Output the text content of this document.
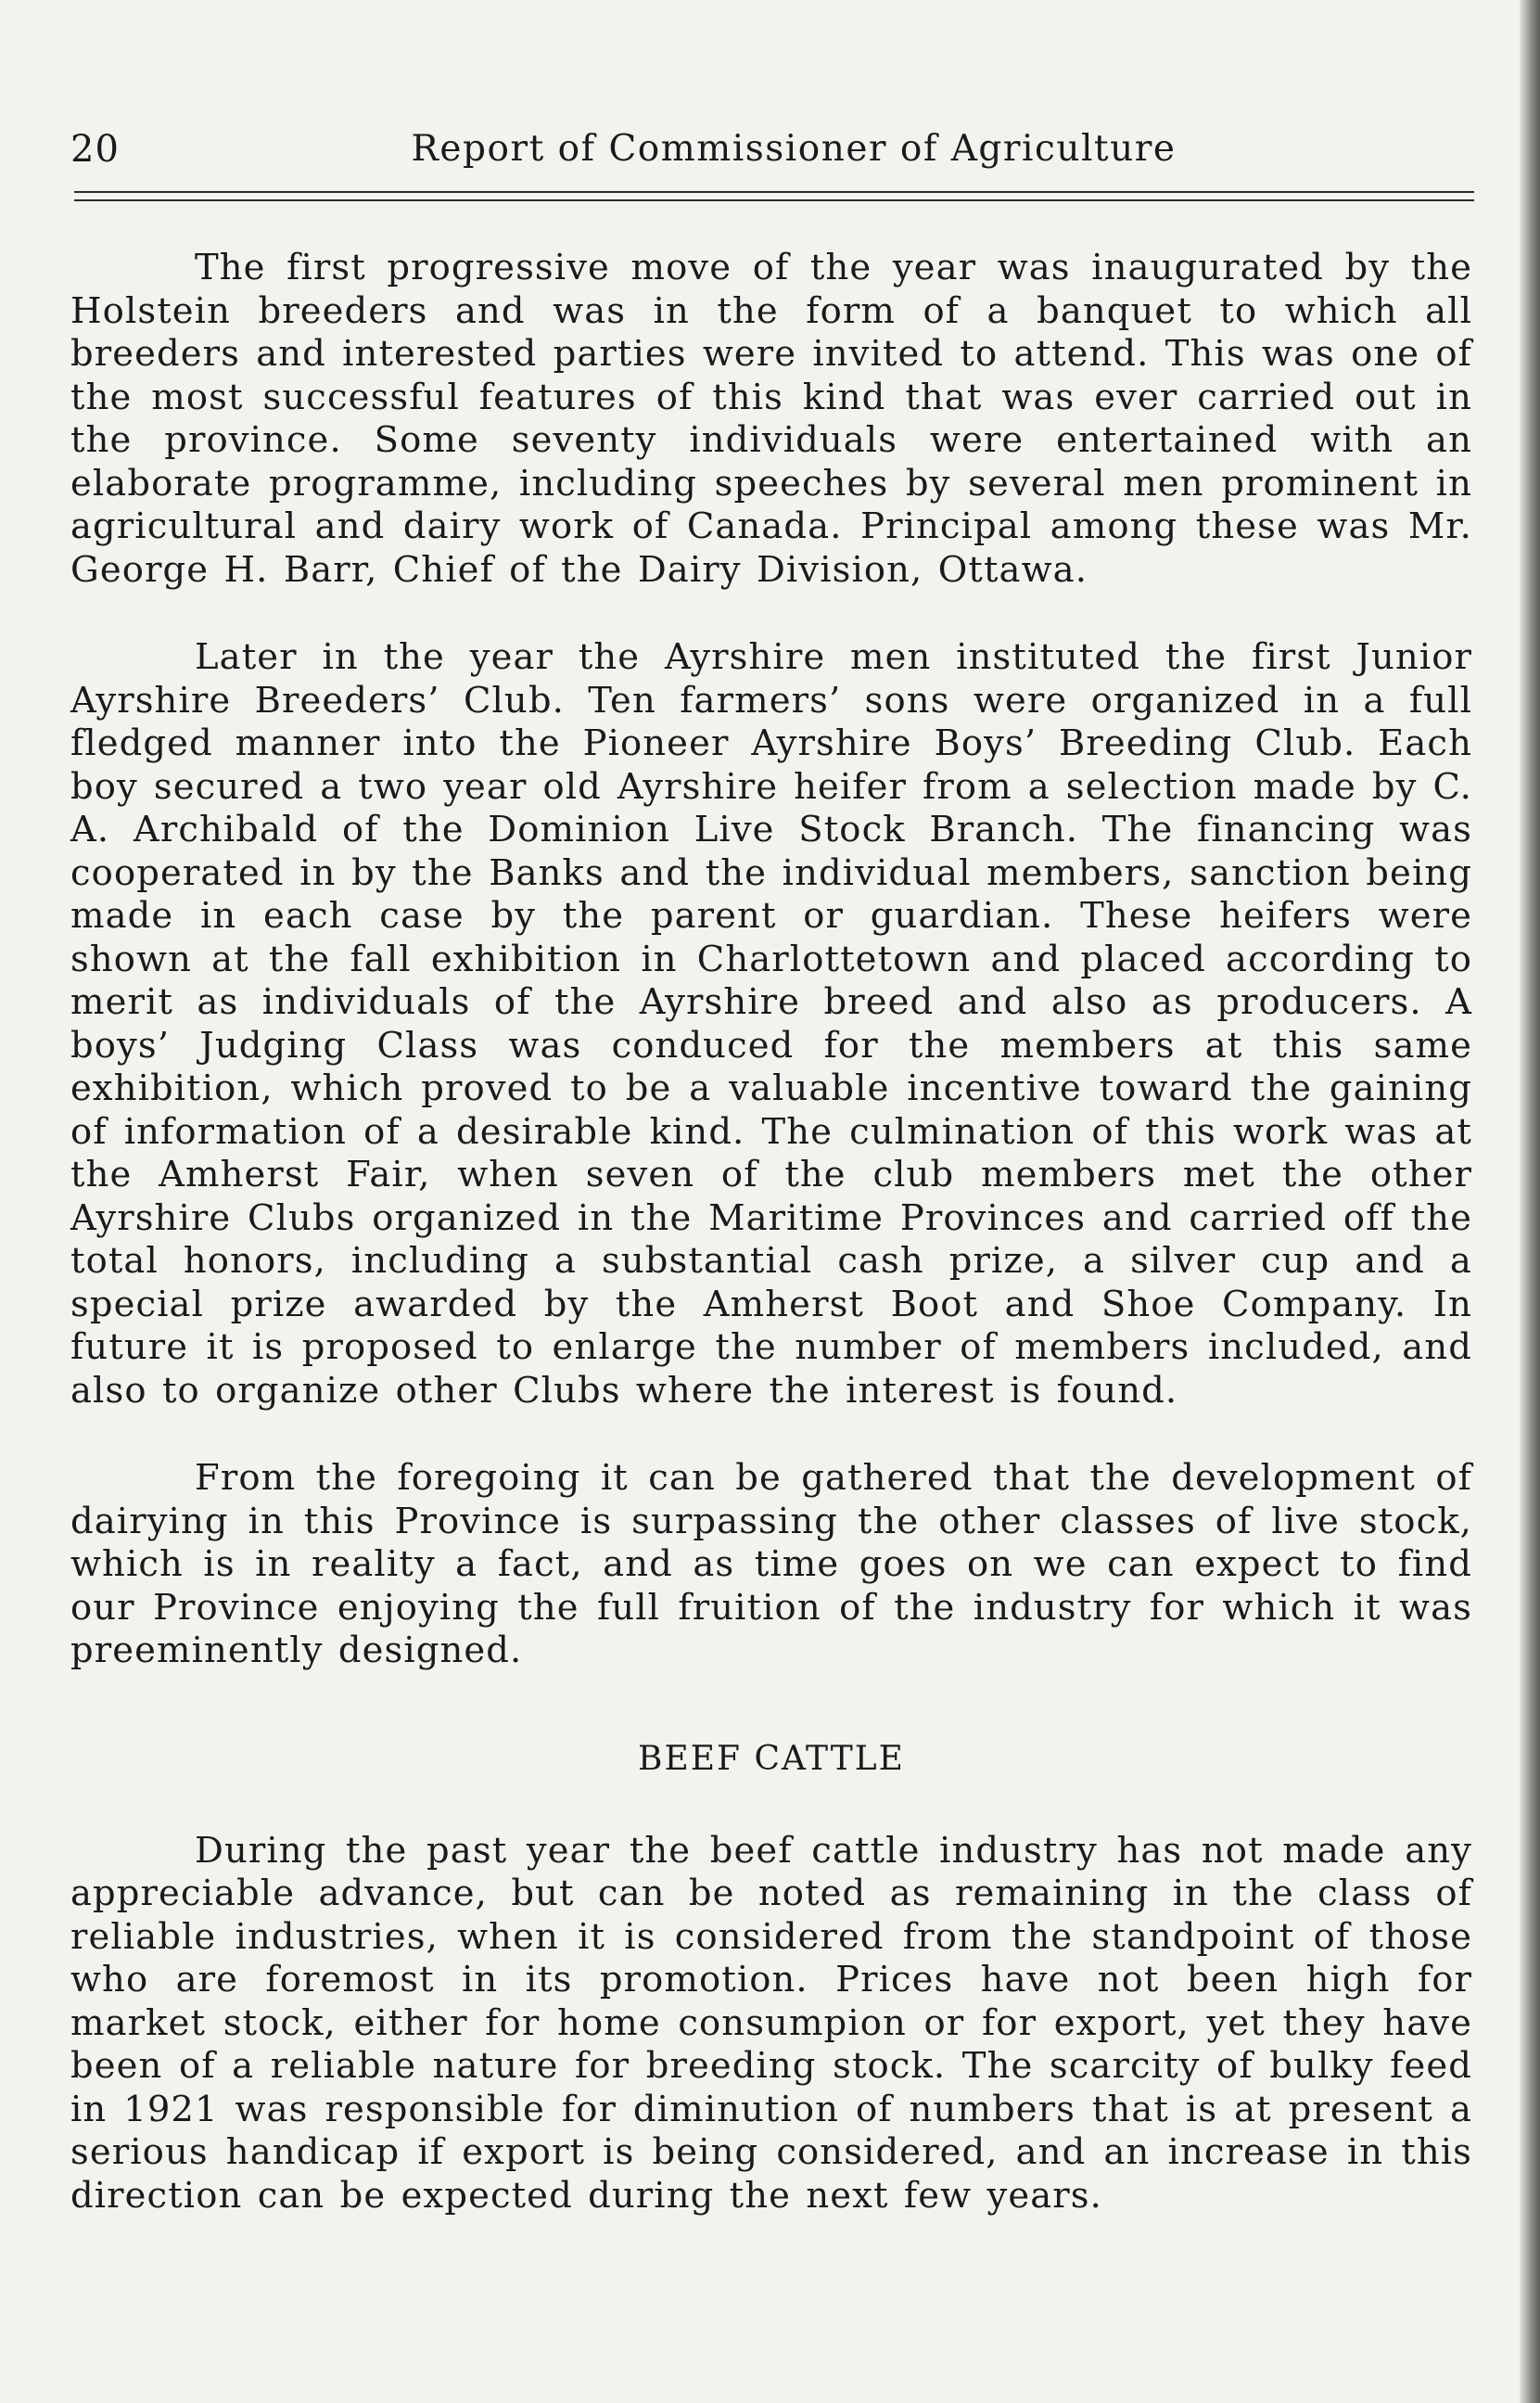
20	Report of Commissioner of Agriculture

The first progressive move of the year was inaugurated by the Holstein breeders and was in the form of a banquet to which all breeders and interested parties were invited to attend. This was one of the most successful features of this kind that was ever carried out in the province. Some seventy individuals were entertained with an elaborate programme, including speeches by several men prominent in agricultural and dairy work of Canada. Principal among these was Mr. George H. Barr, Chief of the Dairy Division, Ottawa.

Later in the year the Ayrshire men instituted the first Junior Ayrshire Breeders’ Club. Ten farmers’ sons were organized in a full fledged manner into the Pioneer Ayrshire Boys’ Breeding Club. Each boy secured a two year old Ayrshire heifer from a selection made by C. A. Archibald of the Dominion Live Stock Branch. The financing was cooperated in by the Banks and the individual members, sanction being made in each case by the parent or guardian. These heifers were shown at the fall exhibition in Charlottetown and placed according to merit as individuals of the Ayrshire breed and also as producers. A boys’ Judging Class was conduced for the members at this same exhibition, which proved to be a valuable incentive toward the gaining of information of a desirable kind. The culmination of this work was at the Amherst Fair, when seven of the club members met the other Ayrshire Clubs organized in the Maritime Provinces and carried off the total honors, including a substantial cash prize, a silver cup and a special prize awarded by the Amherst Boot and Shoe Company. In future it is proposed to enlarge the number of members included, and also to organize other Clubs where the interest is found.

From the foregoing it can be gathered that the development of dairying in this Province is surpassing the other classes of live stock, which is in reality a fact, and as time goes on we can expect to find our Province enjoying the full fruition of the industry for which it was preeminently designed.

BEEF CATTLE

During the past year the beef cattle industry has not made any appreciable advance, but can be noted as remaining in the class of reliable industries, when it is considered from the standpoint of those who are foremost in its promotion. Prices have not been high for market stock, either for home consumpion or for export, yet they have been of a reliable nature for breeding stock. The scarcity of bulky feed in 1921 was responsible for diminution of numbers that is at present a serious handicap if export is being considered, and an increase in this direction can be expected during the next few years.
